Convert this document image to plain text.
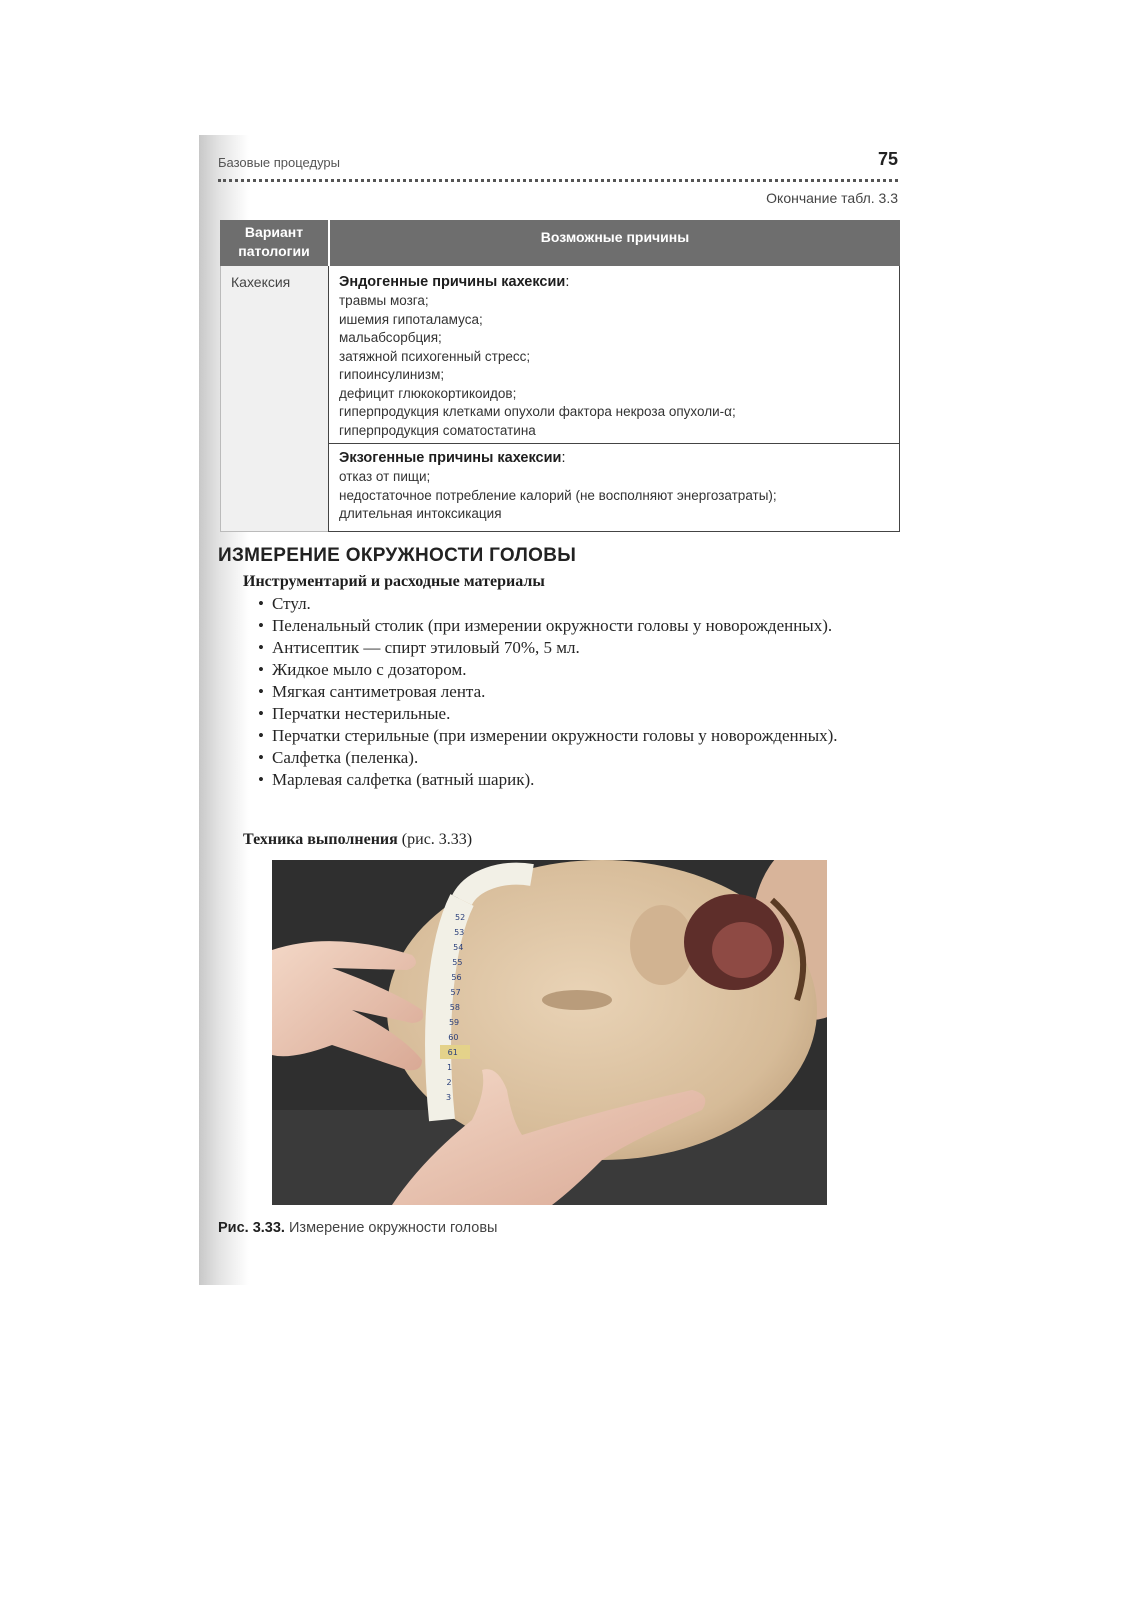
Базовые процедуры	75
Окончание табл. 3.3
Вариант
патологии
Возможные причины
Кахексия	Эндогенные причины кахексии:
травмы мозга;
ишемия гипоталамуса;
мальабсорбция;
затяжной психогенный стресс;
гипоинсулинизм;
дефицит глюкокортикоидов;
гиперпродукция клетками опухоли фактора некроза опухоли-α;
гиперпродукция соматостатина
Экзогенные причины кахексии:
отказ от пищи;
недостаточное потребление калорий (не восполняют энергозатраты);
длительная интоксикация
ИЗМЕРЕНИЕ ОКРУЖНОСТИ ГОЛОВЫ
Инструментарий и расходные материалы
• Стул.
• Пеленальный столик (при измерении окружности головы у новорожденных).
• Антисептик — спирт этиловый 70%, 5 мл.
• Жидкое мыло с дозатором.
• Мягкая сантиметровая лента.
• Перчатки нестерильные.
• Перчатки стерильные (при измерении окружности головы у новорожденных).
• Салфетка (пеленка).
• Марлевая салфетка (ватный шарик).
Техника выполнения (рис. 3.33)
52
53
54
55
56
57
58
59
60
61
1
2
3
Рис. 3.33. Измерение окружности головы
